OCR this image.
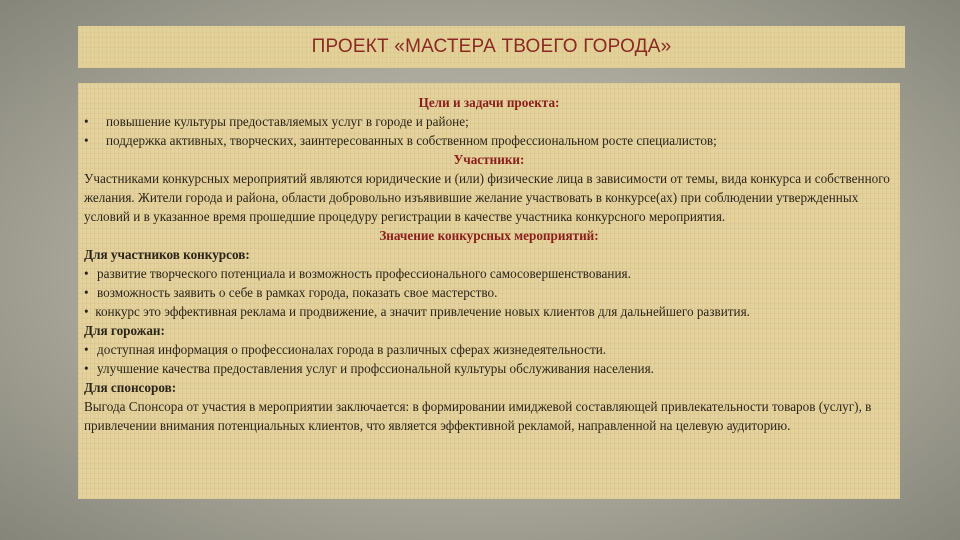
ПРОЕКТ «МАСТЕРА ТВОЕГО ГОРОДА»

Цели и задачи проекта:

•	повышение культуры предоставляемых услуг в городе и районе;
•	поддержка активных, творческих, заинтересованных в собственном профессиональном росте специалистов;

Участники:

Участниками конкурсных мероприятий являются юридические и (или) физические лица в зависимости от темы, вида конкурса и собственного желания. Жители города и района, области добровольно изъявившие желание участвовать в конкурсе(ах) при соблюдении утвержденных условий и в указанное время прошедшие процедуру регистрации в качестве участника конкурсного мероприятия.

Значение конкурсных мероприятий:

Для участников конкурсов:

• развитие творческого потенциала и возможность профессионального самосовершенствования.
• возможность заявить о себе в рамках города, показать свое мастерство.

• конкурс это эффективная реклама и продвижение, а значит привлечение новых клиентов для дальнейшего развития.

Для горожан:

• доступная информация о профессионалах города в различных сферах жизнедеятельности.
• улучшение качества предоставления услуг и профссиональной культуры обслуживания населения.

Для спонсоров:

Выгода Спонсора от участия в мероприятии заключается: в формировании имиджевой составляющей привлекательности товаров (услуг), в привлечении внимания потенциальных клиентов, что является эффективной рекламой, направленной на целевую аудиторию.
